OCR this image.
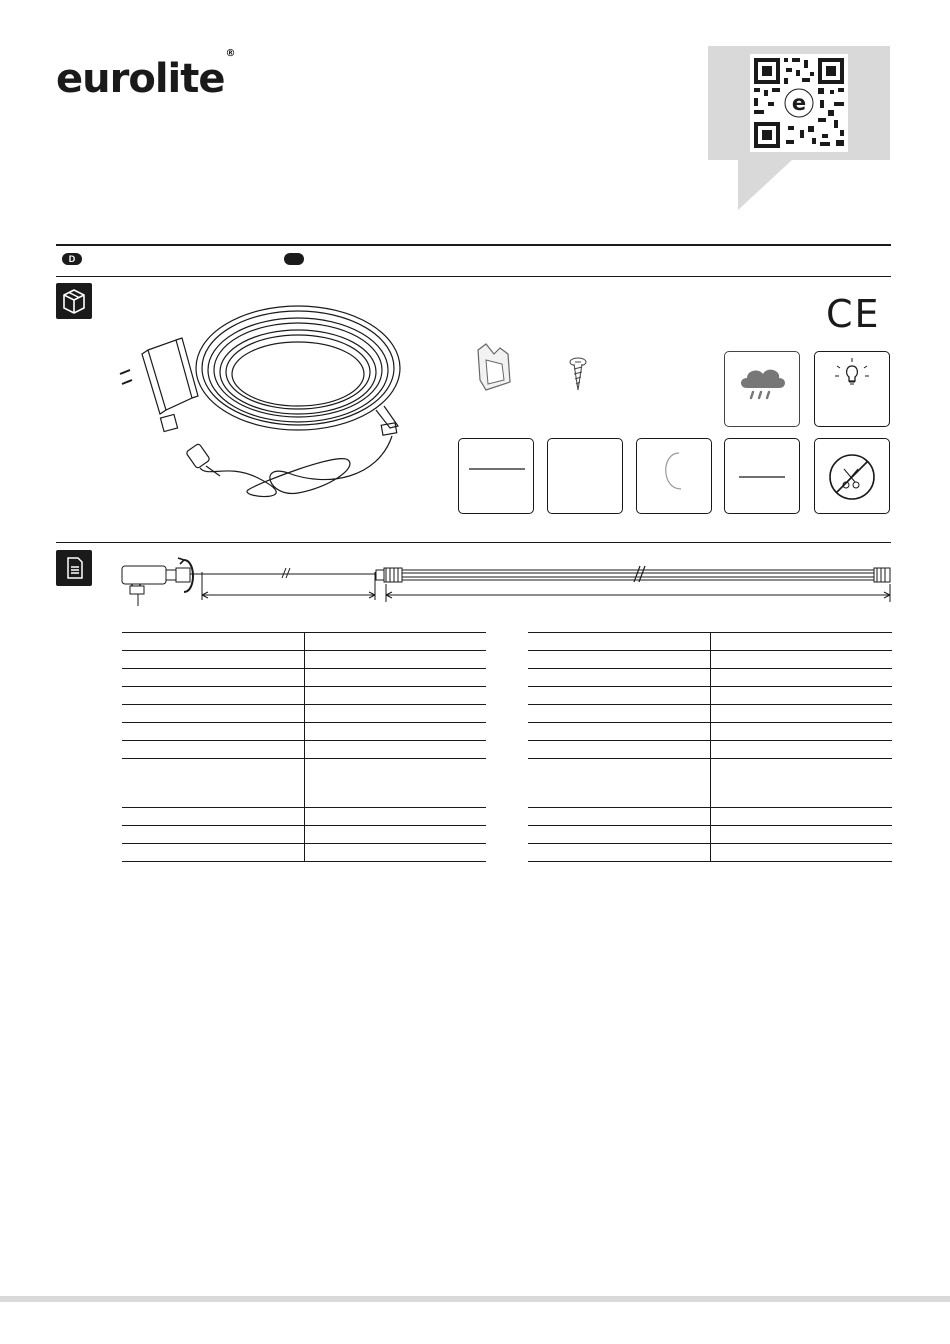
eurolite®
e
D
CE
